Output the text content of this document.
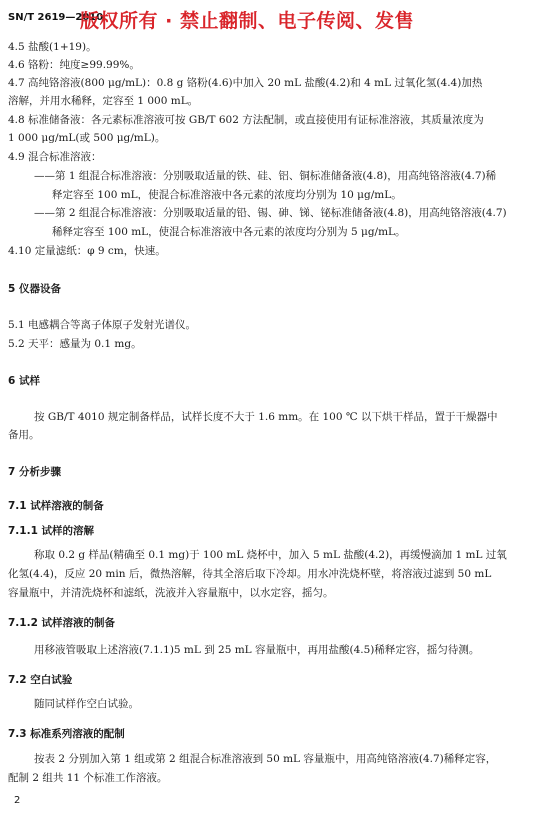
SN/T 2619—2010
版权所有 · 禁止翻制、电子传阅、发售
4.5 盐酸(1+19)。
4.6 铬粉：纯度≥99.99%。
4.7 高纯铬溶液(800 μg/mL)：0.8 g 铬粉(4.6)中加入 20 mL 盐酸(4.2)和 4 mL 过氧化氢(4.4)加热
溶解，并用水稀释，定容至 1 000 mL。
4.8 标准储备液：各元素标准溶液可按 GB/T 602 方法配制，或直接使用有证标准溶液，其质量浓度为
1 000 μg/mL(或 500 μg/mL)。
4.9 混合标准溶液：
——第 1 组混合标准溶液：分别吸取适量的铁、硅、铝、铜标准储备液(4.8)，用高纯铬溶液(4.7)稀
释定容至 100 mL，使混合标准溶液中各元素的浓度均分别为 10 μg/mL。
——第 2 组混合标准溶液：分别吸取适量的铅、锡、砷、锑、铋标准储备液(4.8)，用高纯铬溶液(4.7)
稀释定容至 100 mL，使混合标准溶液中各元素的浓度均分别为 5 μg/mL。
4.10 定量滤纸：φ 9 cm，快速。
5 仪器设备
5.1 电感耦合等离子体原子发射光谱仪。
5.2 天平：感量为 0.1 mg。
6 试样
按 GB/T 4010 规定制备样品，试样长度不大于 1.6 mm。在 100 ℃ 以下烘干样品，置于干燥器中
备用。
7 分析步骤
7.1 试样溶液的制备
7.1.1 试样的溶解
称取 0.2 g 样品(精确至 0.1 mg)于 100 mL 烧杯中，加入 5 mL 盐酸(4.2)，再缓慢滴加 1 mL 过氧
化氢(4.4)，反应 20 min 后，微热溶解，待其全溶后取下冷却。用水冲洗烧杯壁，将溶液过滤到 50 mL
容量瓶中，并清洗烧杯和滤纸，洗液并入容量瓶中，以水定容，摇匀。
7.1.2 试样溶液的制备
用移液管吸取上述溶液(7.1.1)5 mL 到 25 mL 容量瓶中，再用盐酸(4.5)稀释定容，摇匀待测。
7.2 空白试验
随同试样作空白试验。
7.3 标准系列溶液的配制
按表 2 分别加入第 1 组或第 2 组混合标准溶液到 50 mL 容量瓶中，用高纯铬溶液(4.7)稀释定容，
配制 2 组共 11 个标准工作溶液。
2
